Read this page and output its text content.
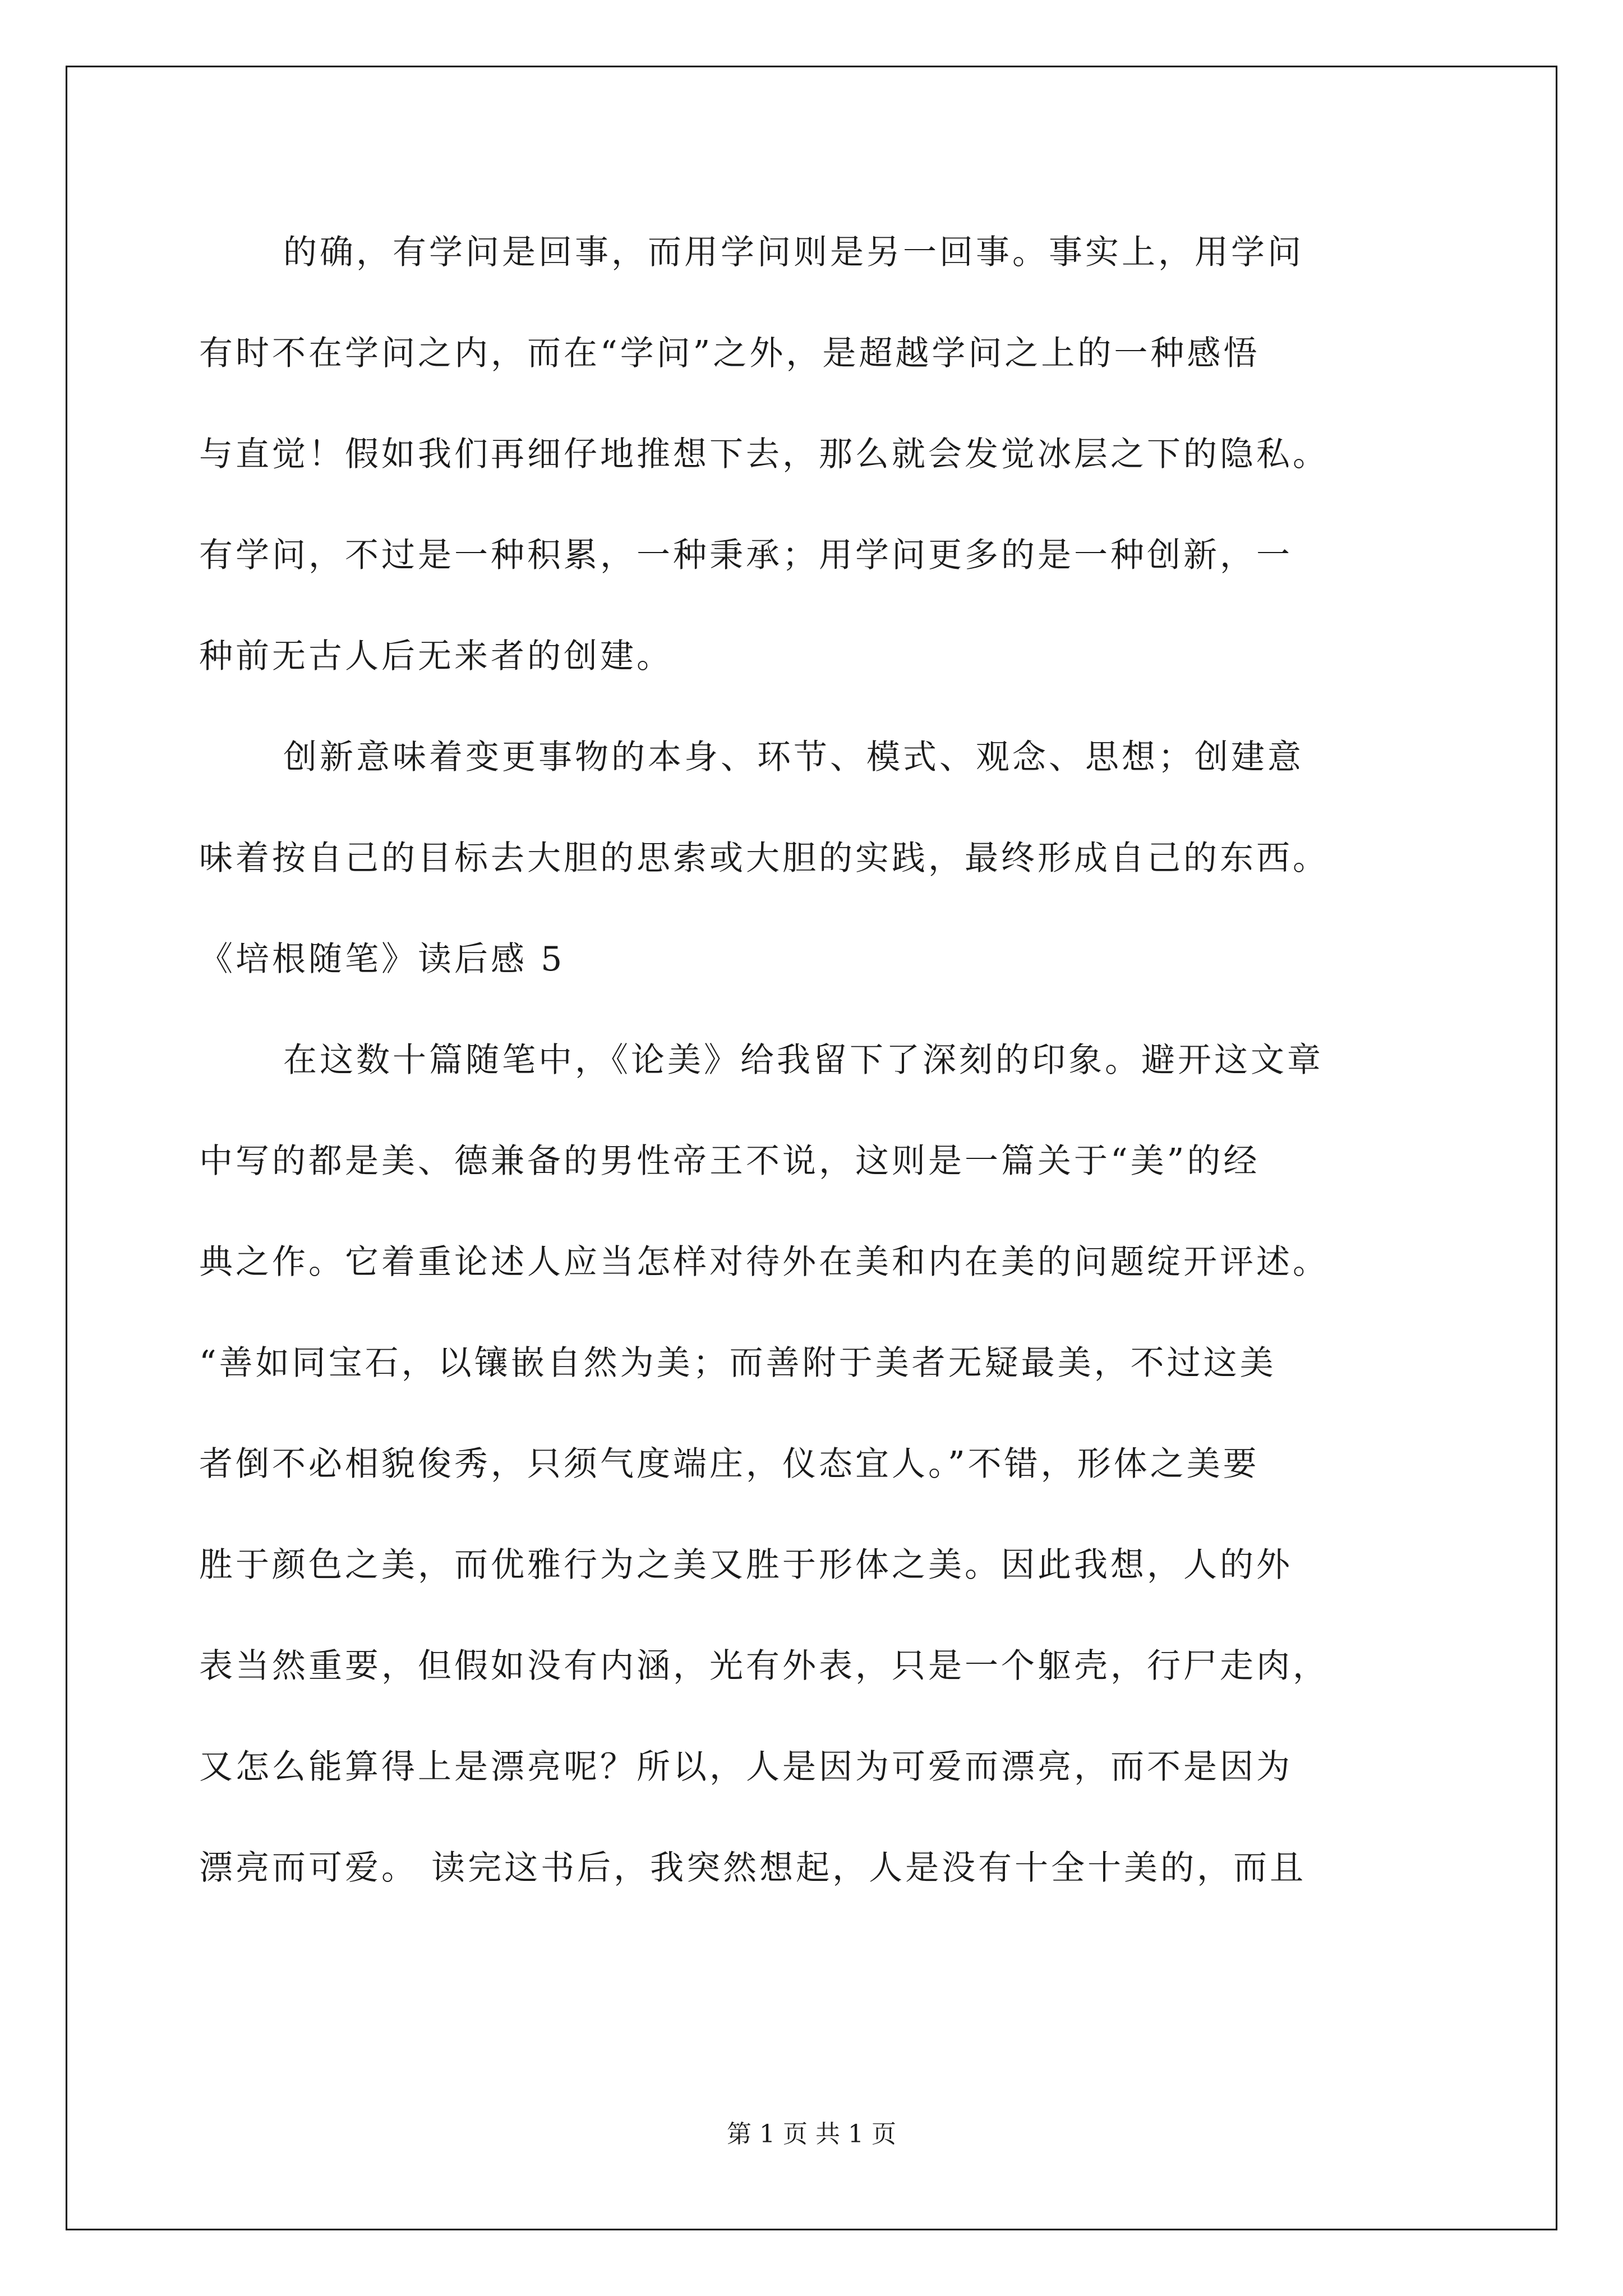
的确，有学问是回事，而用学问则是另一回事。事实上，用学问
有时不在学问之内，而在“学问”之外，是超越学问之上的一种感悟
与直觉！假如我们再细仔地推想下去，那么就会发觉冰层之下的隐私。
有学问，不过是一种积累，一种秉承；用学问更多的是一种创新，一
种前无古人后无来者的创建。
创新意味着变更事物的本身、环节、模式、观念、思想；创建意
味着按自己的目标去大胆的思索或大胆的实践，最终形成自己的东西。
《培根随笔》读后感 5
在这数十篇随笔中，《论美》给我留下了深刻的印象。避开这文章
中写的都是美、德兼备的男性帝王不说，这则是一篇关于“美”的经
典之作。它着重论述人应当怎样对待外在美和内在美的问题绽开评述。
“善如同宝石，以镶嵌自然为美；而善附于美者无疑最美，不过这美
者倒不必相貌俊秀，只须气度端庄，仪态宜人。”不错，形体之美要
胜于颜色之美，而优雅行为之美又胜于形体之美。因此我想，人的外
表当然重要，但假如没有内涵，光有外表，只是一个躯壳，行尸走肉，
又怎么能算得上是漂亮呢？所以，人是因为可爱而漂亮，而不是因为
漂亮而可爱。 读完这书后，我突然想起，人是没有十全十美的，而且
第 1 页 共 1 页
